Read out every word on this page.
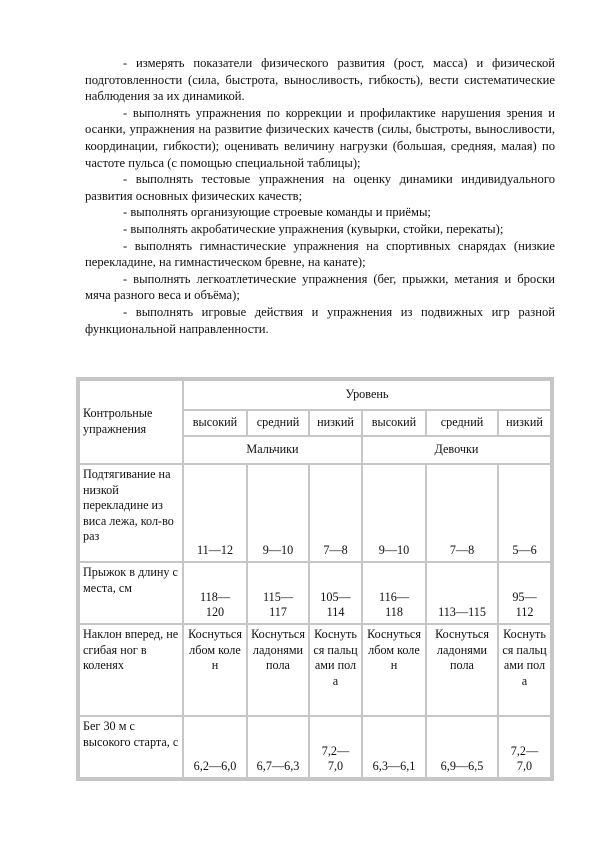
- измерять показатели физического развития (рост, масса) и физической подготовленности (сила, быстрота, выносливость, гибкость), вести систематические наблюдения за их динамикой.

- выполнять упражнения по коррекции и профилактике нарушения зрения и осанки, упражнения на развитие физических качеств (силы, быстроты, выносливости, координации, гибкости); оценивать величину нагрузки (большая, средняя, малая) по частоте пульса (с помощью специальной таблицы);

- выполнять тестовые упражнения на оценку динамики индивидуального развития основных физических качеств;

- выполнять организующие строевые команды и приёмы;

- выполнять акробатические упражнения (кувырки, стойки, перекаты);

- выполнять гимнастические упражнения на спортивных снарядах (низкие перекладине, на гимнастическом бревне, на канате);

- выполнять легкоатлетические упражнения (бег, прыжки, метания и броски мяча разного веса и объёма);

- выполнять игровые действия и упражнения из подвижных игр разной функциональной направленности.

Контрольные упражнения	Уровень					
	высокий	средний	низкий	высокий	средний	низкий
	Мальчики			Девочки		
Подтягивание на низкой перекладине из виса лежа, кол-во раз	11—12	9—10	7—8	9—10	7—8	5—6
Прыжок в длину с места, см	118—120	115—117	105—114	116—118	113—115	95—112
Наклон вперед, не сгибая ног в коленях	Коснуться лбом колен	Коснуться ладонями пола	Коснуться пальцами пола	Коснуться лбом колен	Коснуться ладонями пола	Коснуться пальцами пола
Бег 30 м с высокого старта, с	6,2—6,0	6,7—6,3	7,2—7,0	6,3—6,1	6,9—6,5	7,2—7,0
